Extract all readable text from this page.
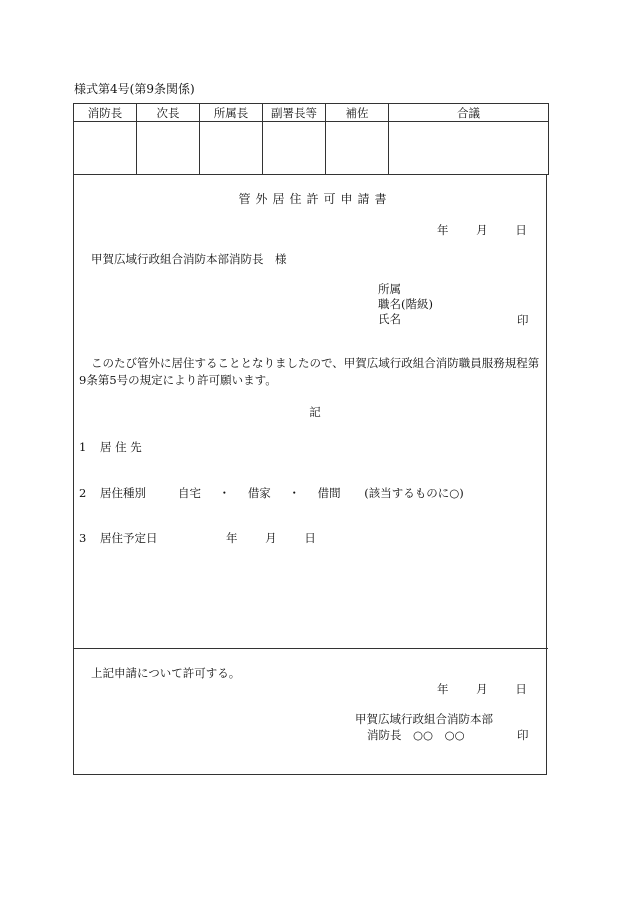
様式第4号(第9条関係)
消防長	次長	所属長	副署長等	補佐	合議

管外居住許可申請書
年 月 日
甲賀広域行政組合消防本部消防長　様
所属
職名(階級)
氏名	印
このたび管外に居住することとなりましたので、甲賀広域行政組合消防職員服務規程第9条第5号の規定により許可願います。
記
1 居 住 先
2 居住種別	自宅 ・ 借家 ・ 借間 (該当するものに○)
3 居住予定日	年 月 日
上記申請について許可する。
年 月 日
甲賀広域行政組合消防本部
消防長　○○　○○	印
